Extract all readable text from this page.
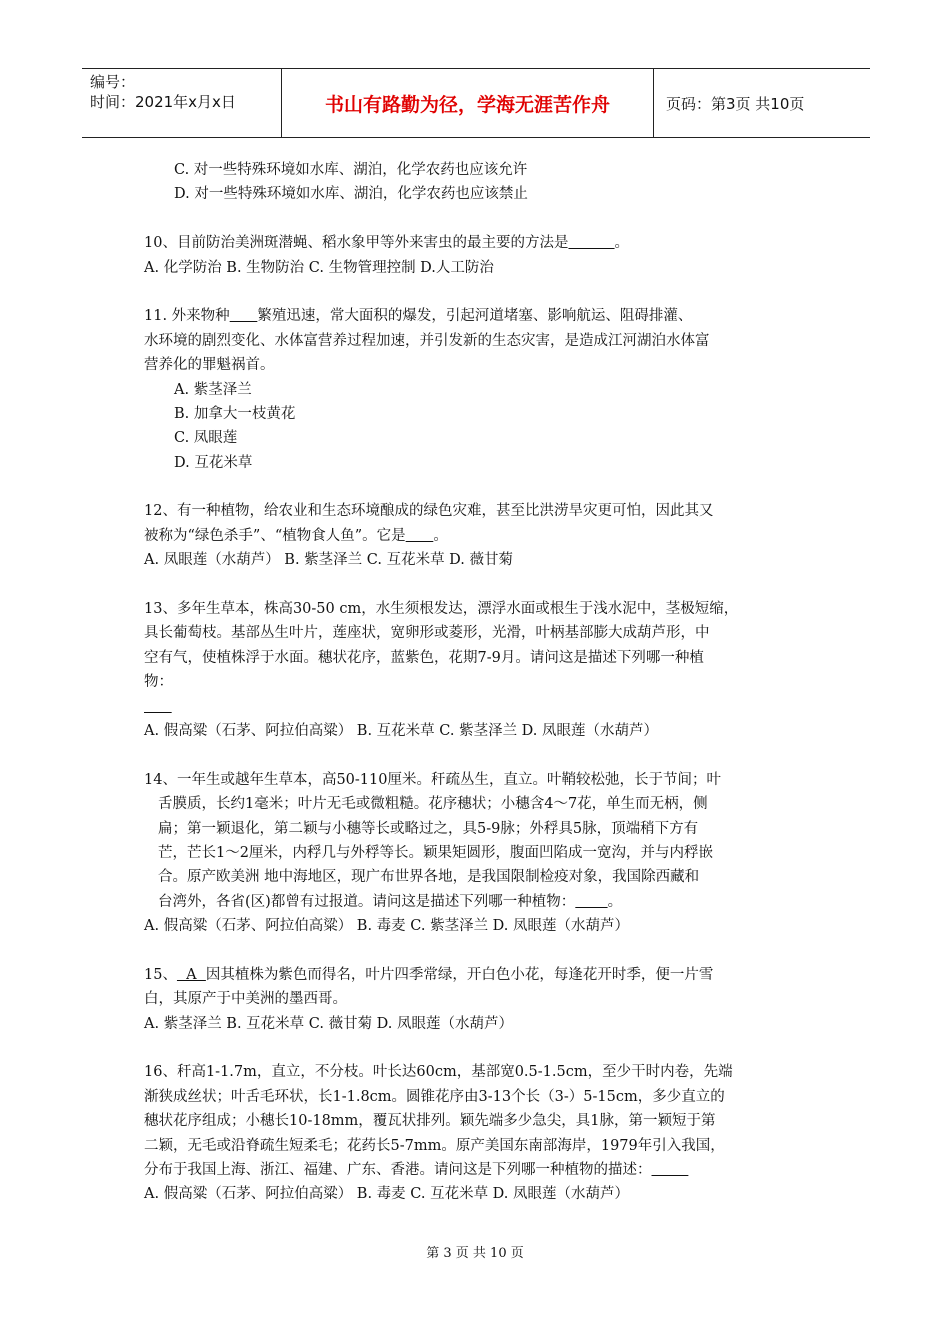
编号：
时间：2021年x月x日	书山有路勤为径，学海无涯苦作舟	页码：第3页 共10页
C. 对一些特殊环境如水库、湖泊，化学农药也应该允许
D. 对一些特殊环境如水库、湖泊，化学农药也应该禁止
10、目前防治美洲斑潜蝇、稻水象甲等外来害虫的最主要的方法是	。
A. 化学防治 B. 生物防治 C. 生物管理控制 D.人工防治
11. 外来物种 繁殖迅速，常大面积的爆发，引起河道堵塞、影响航运、阻碍排灌、
水环境的剧烈变化、水体富营养过程加速，并引发新的生态灾害，是造成江河湖泊水体富
营养化的罪魁祸首。
A. 紫茎泽兰
B. 加拿大一枝黄花
C. 凤眼莲
D. 互花米草
12、有一种植物，给农业和生态环境酿成的绿色灾难，甚至比洪涝旱灾更可怕，因此其又
被称为“绿色杀手”、“植物食人鱼”。它是 。
A. 凤眼莲（水葫芦） B. 紫茎泽兰 C. 互花米草 D. 薇甘菊
13、多年生草本，株高30-50 cm，水生须根发达，漂浮水面或根生于浅水泥中，茎极短缩，
具长葡萄枝。基部丛生叶片，莲座状，宽卵形或菱形，光滑，叶柄基部膨大成葫芦形，中
空有气，使植株浮于水面。穗状花序，蓝紫色，花期7-9月。请问这是描述下列哪一种植
物：

A. 假高粱（石茅、阿拉伯高粱） B. 互花米草 C. 紫茎泽兰 D. 凤眼莲（水葫芦）
14、一年生或越年生草本，高50-110厘米。秆疏丛生，直立。叶鞘较松弛，长于节间；叶
舌膜质，长约1毫米；叶片无毛或微粗糙。花序穗状；小穗含4～7花，单生而无柄，侧
扁；第一颖退化，第二颖与小穗等长或略过之，具5-9脉；外稃具5脉，顶端稍下方有
芒，芒长1～2厘米，内稃几与外稃等长。颖果矩圆形，腹面凹陷成一宽沟，并与内稃嵌
合。原产欧美洲 地中海地区，现广布世界各地，是我国限制检疫对象，我国除西藏和
台湾外，各省(区)都曾有过报道。请问这是描述下列哪一种植物： 。
A. 假高粱（石茅、阿拉伯高粱） B. 毒麦 C. 紫茎泽兰 D. 凤眼莲（水葫芦）
15、  A  因其植株为紫色而得名，叶片四季常绿，开白色小花，每逢花开时季，便一片雪
白，其原产于中美洲的墨西哥。
A. 紫茎泽兰 B. 互花米草 C. 薇甘菊 D. 凤眼莲（水葫芦）
16、秆高1-1.7m，直立，不分枝。叶长达60cm，基部宽0.5-1.5cm，至少干时内卷，先端
渐狭成丝状；叶舌毛环状，长1-1.8cm。圆锥花序由3-13个长（3-）5-15cm，多少直立的
穗状花序组成；小穗长10-18mm，覆瓦状排列。颖先端多少急尖，具1脉，第一颖短于第
二颖，无毛或沿脊疏生短柔毛；花药长5-7mm。原产美国东南部海岸，1979年引入我国，
分布于我国上海、浙江、福建、广东、香港。请问这是下列哪一种植物的描述：
A. 假高粱（石茅、阿拉伯高粱） B. 毒麦 C. 互花米草 D. 凤眼莲（水葫芦）
第 3 页 共 10 页
